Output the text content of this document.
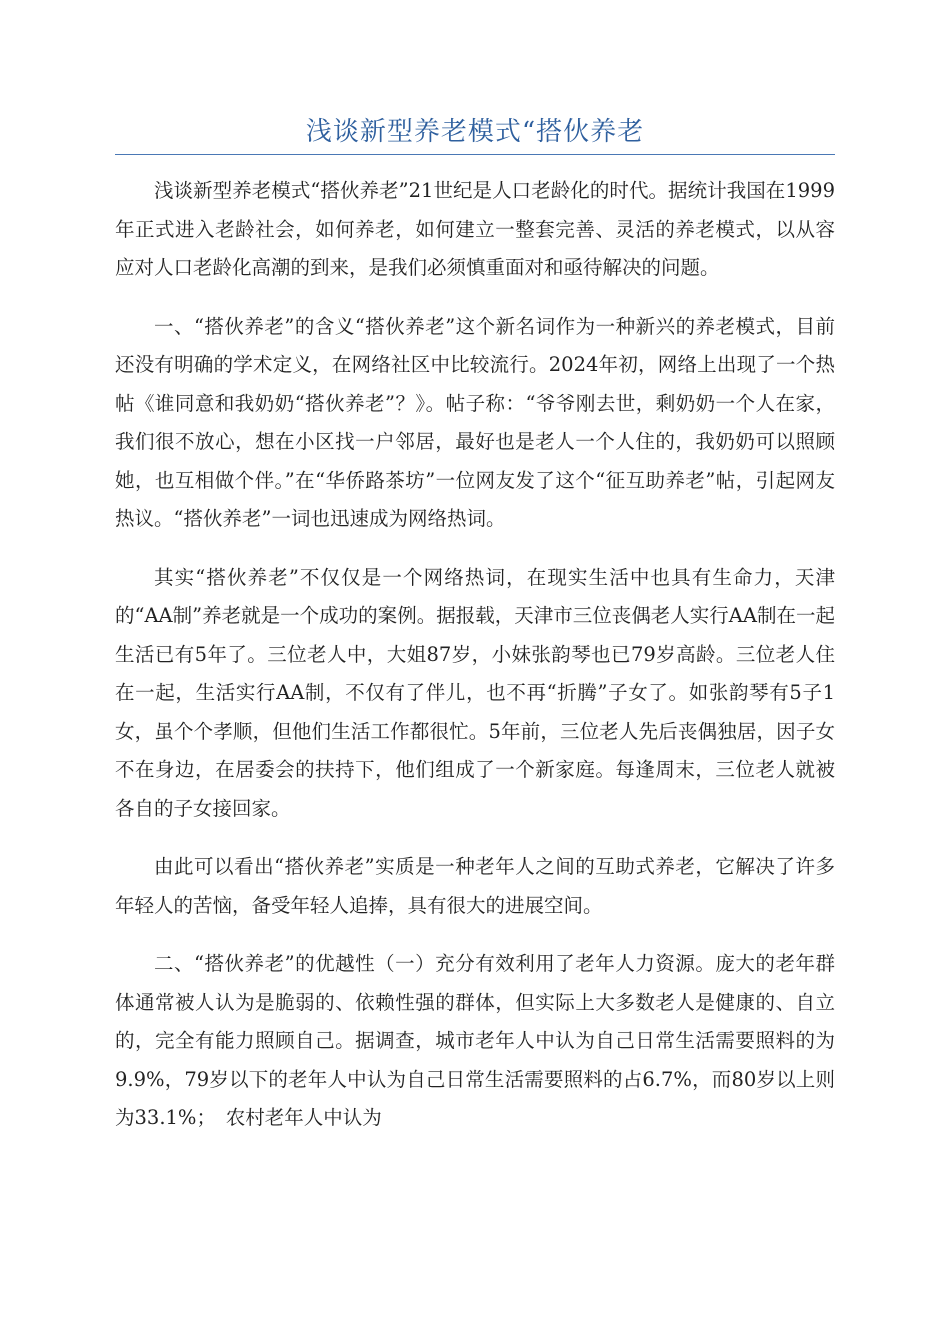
浅谈新型养老模式“搭伙养老

浅谈新型养老模式“搭伙养老”21世纪是人口老龄化的时代。据统计我国在1999年正式进入老龄社会，如何养老，如何建立一整套完善、灵活的养老模式，以从容应对人口老龄化高潮的到来，是我们必须慎重面对和亟待解决的问题。

一、“搭伙养老”的含义“搭伙养老”这个新名词作为一种新兴的养老模式，目前还没有明确的学术定义，在网络社区中比较流行。2024年初，网络上出现了一个热帖《谁同意和我奶奶“搭伙养老”？》。帖子称：“爷爷刚去世，剩奶奶一个人在家，我们很不放心，想在小区找一户邻居，最好也是老人一个人住的，我奶奶可以照顾她，也互相做个伴。”在“华侨路茶坊”一位网友发了这个“征互助养老”帖，引起网友热议。“搭伙养老”一词也迅速成为网络热词。

其实“搭伙养老”不仅仅是一个网络热词，在现实生活中也具有生命力，天津的“AA制”养老就是一个成功的案例。据报载，天津市三位丧偶老人实行AA制在一起生活已有5年了。三位老人中，大姐87岁，小妹张韵琴也已79岁高龄。三位老人住在一起，生活实行AA制，不仅有了伴儿，也不再“折腾”子女了。如张韵琴有5子1女，虽个个孝顺，但他们生活工作都很忙。5年前，三位老人先后丧偶独居，因子女不在身边，在居委会的扶持下，他们组成了一个新家庭。每逢周末，三位老人就被各自的子女接回家。

由此可以看出“搭伙养老”实质是一种老年人之间的互助式养老，它解决了许多年轻人的苦恼，备受年轻人追捧，具有很大的进展空间。

二、“搭伙养老”的优越性（一）充分有效利用了老年人力资源。庞大的老年群体通常被人认为是脆弱的、依赖性强的群体，但实际上大多数老人是健康的、自立的，完全有能力照顾自己。据调查，城市老年人中认为自己日常生活需要照料的为9.9%，79岁以下的老年人中认为自己日常生活需要照料的占6.7%，而80岁以上则为33.1%；　农村老年人中认为
